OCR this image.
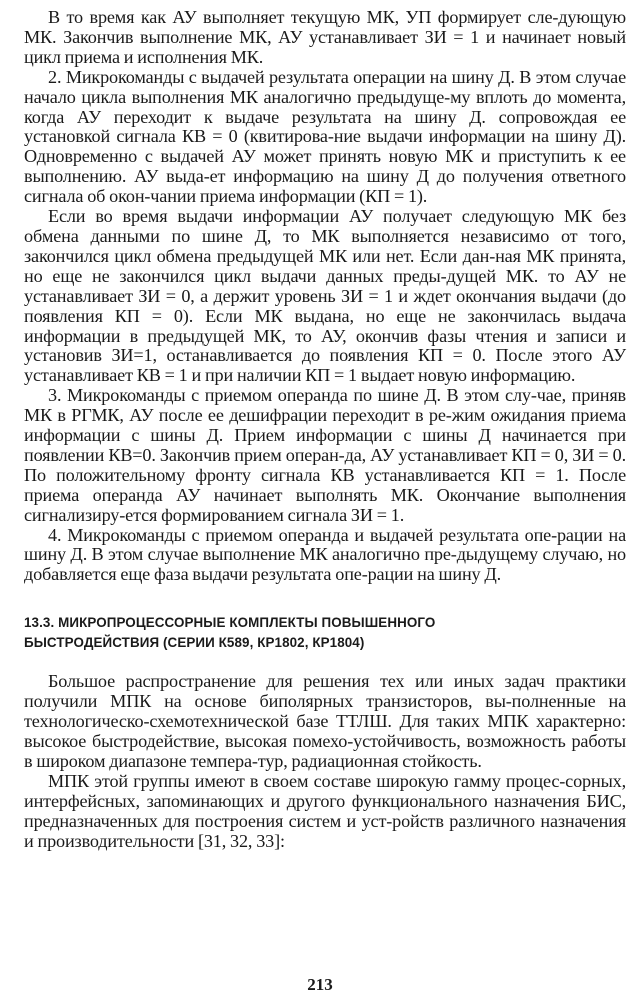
В то время как АУ выполняет текущую МК, УП формирует сле-дующую МК. Закончив выполнение МК, АУ устанавливает ЗИ = 1 и начинает новый цикл приема и исполнения МК.

2. Микрокоманды с выдачей результата операции на шину Д. В этом случае начало цикла выполнения МК аналогично предыдуще-му вплоть до момента, когда АУ переходит к выдаче результата на шину Д. сопровождая ее установкой сигнала КВ = 0 (квитирова-ние выдачи информации на шину Д). Одновременно с выдачей АУ может принять новую МК и приступить к ее выполнению. АУ выда-ет информацию на шину Д до получения ответного сигнала об окон-чании приема информации (КП = 1).

Если во время выдачи информации АУ получает следующую МК без обмена данными по шине Д, то МК выполняется независимо от того, закончился цикл обмена предыдущей МК или нет. Если дан-ная МК принята, но еще не закончился цикл выдачи данных преды-дущей МК. то АУ не устанавливает ЗИ = 0, а держит уровень ЗИ = 1 и ждет окончания выдачи (до появления КП = 0). Если МК выдана, но еще не закончилась выдача информации в предыдущей МК, то АУ, окончив фазы чтения и записи и установив ЗИ=1, останавливается до появления КП = 0. После этого АУ устанавливает КВ = 1 и при наличии КП = 1 выдает новую информацию.

3. Микрокоманды с приемом операнда по шине Д. В этом слу-чае, приняв МК в РГМК, АУ после ее дешифрации переходит в ре-жим ожидания приема информации с шины Д. Прием информации с шины Д начинается при появлении КВ=0. Закончив прием операн-да, АУ устанавливает КП = 0, ЗИ = 0. По положительному фронту сигнала КВ устанавливается КП = 1. После приема операнда АУ начинает выполнять МК. Окончание выполнения сигнализиру-ется формированием сигнала ЗИ = 1.

4. Микрокоманды с приемом операнда и выдачей результата опе-рации на шину Д. В этом случае выполнение МК аналогично пре-дыдущему случаю, но добавляется еще фаза выдачи результата опе-рации на шину Д.

13.3. МИКРОПРОЦЕССОРНЫЕ КОМПЛЕКТЫ ПОВЫШЕННОГО
БЫСТРОДЕЙСТВИЯ (СЕРИИ К589, КР1802, КР1804)

Большое распространение для решения тех или иных задач практики получили МПК на основе биполярных транзисторов, вы-полненные на технологическо-схемотехнической базе ТТЛШ. Для таких МПК характерно: высокое быстродействие, высокая помехо-устойчивость, возможность работы в широком диапазоне темпера-тур, радиационная стойкость.

МПК этой группы имеют в своем составе широкую гамму процес-сорных, интерфейсных, запоминающих и другого функционального назначения БИС, предназначенных для построения систем и уст-ройств различного назначения и производительности [31, 32, 33]:

213
